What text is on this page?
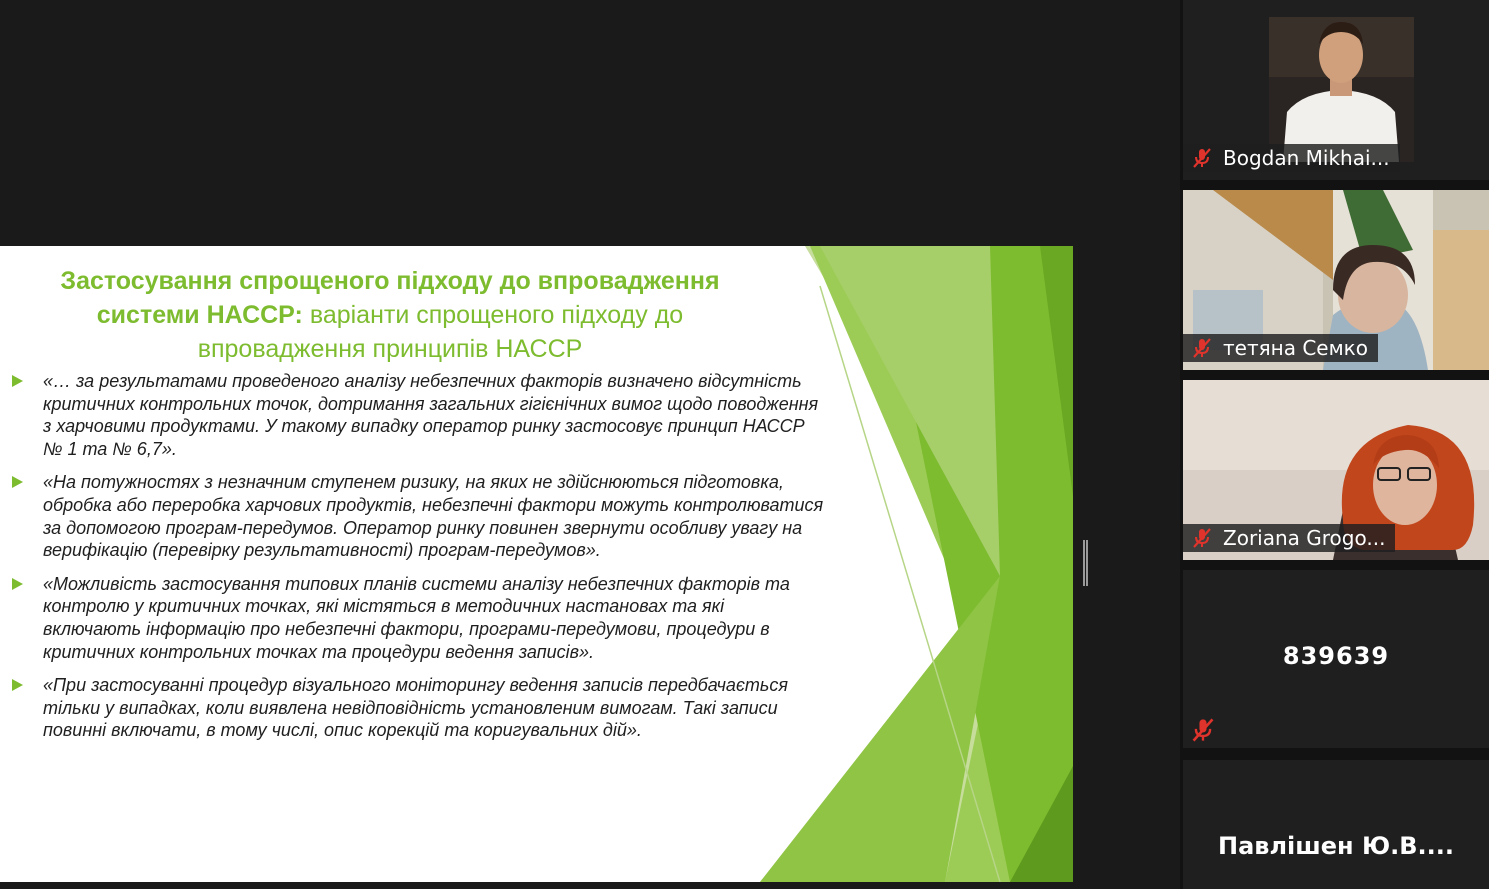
Застосування спрощеного підходу до впровадження системи НАССР: варіанти спрощеного підходу до впровадження принципів НАССР
«… за результатами проведеного аналізу небезпечних факторів визначено відсутність критичних контрольних точок, дотримання загальних гігієнічних вимог щодо поводження з харчовими продуктами. У такому випадку оператор ринку застосовує принцип НАССР № 1 та № 6,7».
«На потужностях з незначним ступенем ризику, на яких не здійснюються підготовка, обробка або переробка харчових продуктів, небезпечні фактори можуть контролюватися за допомогою програм-передумов. Оператор ринку повинен звернути особливу увагу на верифікацію (перевірку результативності) програм-передумов».
«Можливість застосування типових планів системи аналізу небезпечних факторів та контролю у критичних точках, які містяться в методичних настановах та які включають інформацію про небезпечні фактори, програми-передумови, процедури в критичних контрольних точках та процедури ведення записів».
«При застосуванні процедур візуального моніторингу ведення записів передбачається тільки у випадках, коли виявлена невідповідність установленим вимогам. Такі записи повинні включати, в тому числі, опис корекцій та коригувальних дій».
Bogdan Mikhai...
тетяна Семко
Zoriana Grogo...
839639
Павлішен Ю.В....
